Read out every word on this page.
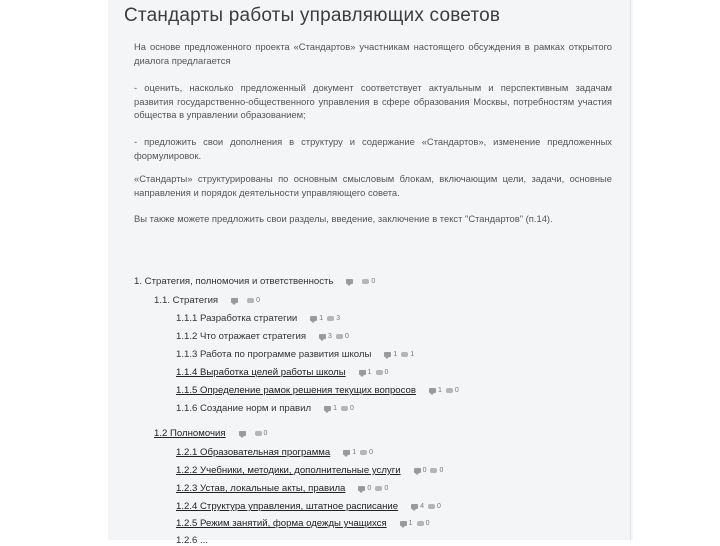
Стандарты работы управляющих советов
На основе предложенного проекта «Стандартов» участникам настоящего обсуждения в рамках открытого диалога предлагается
- оценить, насколько предложенный документ соответствует актуальным и перспективным задачам развития государственно-общественного управления в сфере образования Москвы, потребностям участия общества в управлении образованием;
- предложить свои дополнения в структуру и содержание «Стандартов», изменение предложенных формулировок.
«Стандарты» структурированы по основным смысловым блокам, включающим цели, задачи, основные направления и порядок деятельности управляющего совета.
Вы также можете предложить свои разделы, введение, заключение в текст "Стандартов" (п.14).
1. Стратегия, полномочия и ответственность	0
1.1. Стратегия	0
1.1.1 Разработка стратегии	1 3
1.1.2 Что отражает стратегия	3 0
1.1.3 Работа по программе развития школы	1 1
1.1.4 Выработка целей работы школы	1 0
1.1.5 Определение рамок решения текущих вопросов	1 0
1.1.6 Создание норм и правил	1 0
1.2 Полномочия	0
1.2.1 Образовательная программа	1 0
1.2.2 Учебники, методики, дополнительные услуги	0 0
1.2.3 Устав, локальные акты, правила	0 0
1.2.4 Структура управления, штатное расписание	4 0
1.2.5 Режим занятий, форма одежды учащихся	1 0
1.2.6 ...
